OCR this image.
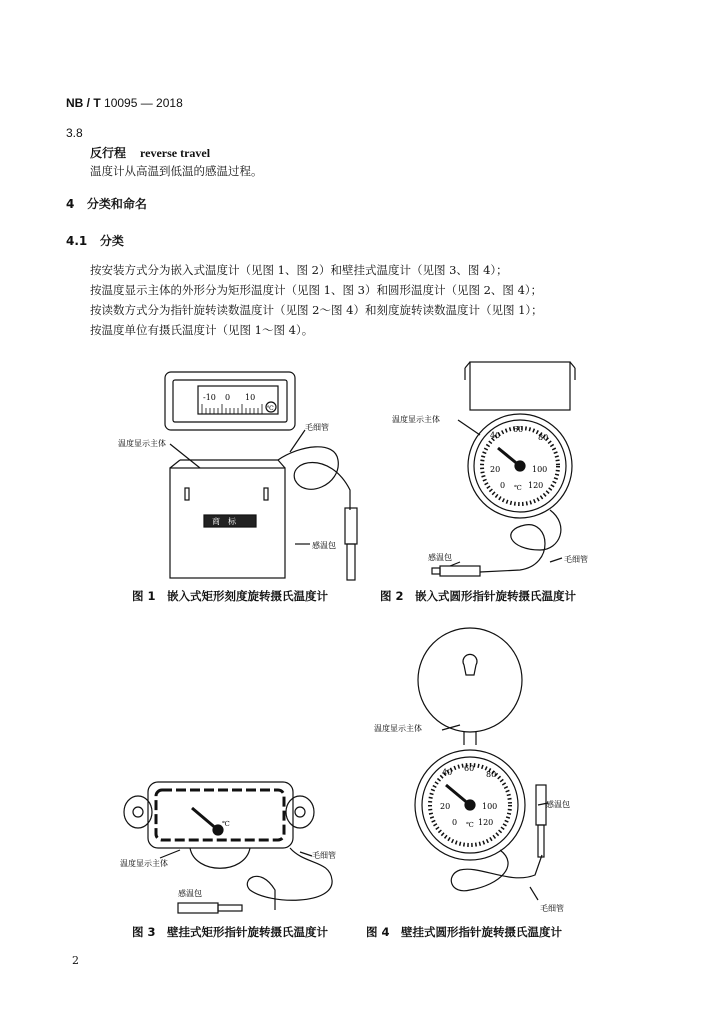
NB / T 10095 — 2018
3.8
反行程 reverse travel
温度计从高温到低温的感温过程。
4 分类和命名
4.1 分类
按安装方式分为嵌入式温度计（见图 1、图 2）和壁挂式温度计（见图 3、图 4）；
按温度显示主体的外形分为矩形温度计（见图 1、图 3）和圆形温度计（见图 2、图 4）；
按读数方式分为指针旋转读数温度计（见图 2～图 4）和刻度旋转读数温度计（见图 1）；
按温度单位有摄氏温度计（见图 1～图 4）。
-10 0 10
℃
商　标
温度显示主体
毛细管
感温包
图 1　嵌入式矩形刻度旋转摄氏温度计
40
60
80
20	100
0	120
℃
温度显示主体
毛细管
感温包
图 2　嵌入式圆形指针旋转摄氏温度计
℃
温度显示主体
毛细管
感温包
图 3　壁挂式矩形指针旋转摄氏温度计
40 60
80
20	100
0	120
℃
温度显示主体
感温包
毛细管
图 4　壁挂式圆形指针旋转摄氏温度计
2
